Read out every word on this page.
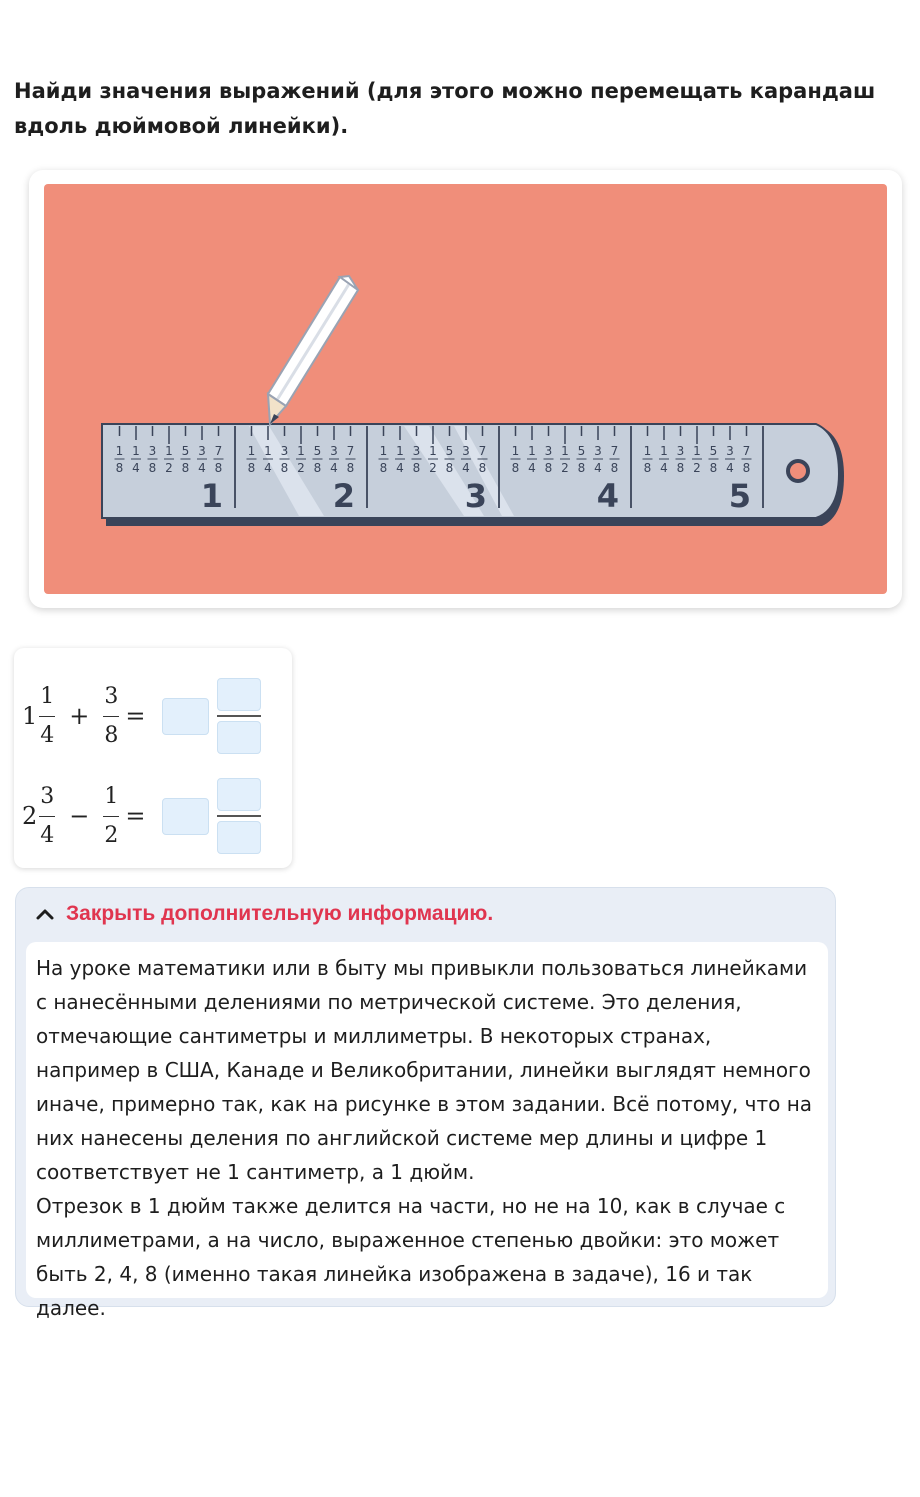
Найди значения выражений (для этого можно перемещать карандаш вдоль дюймовой линейки).
1
8
1
4
3
8
1
2
5
8
3
4
7
8
1
1
8
1
4
3
8
1
2
5
8
3
4
7
8
2
1
8
1
4
3
8
1
2
5
8
3
4
7
8
3
1
8
1
4
3
8
1
2
5
8
3
4
7
8
4
1
8
1
4
3
8
1
2
5
8
3
4
7
8
5
$1 \frac{1}{4} + \frac{3}{8}$ =
$2 \frac{3}{4} - \frac{1}{2}$ =
Закрыть дополнительную информацию.

На уроке математики или в быту мы привыкли пользоваться линейками с нанесёнными делениями по метрической системе. Это деления, отмечающие сантиметры и миллиметры. В некоторых странах, например в США, Канаде и Великобритании, линейки выглядят немного иначе, примерно так, как на рисунке в этом задании. Всё потому, что на них нанесены деления по английской системе мер длины и цифре 1 соответствует не 1 сантиметр, а 1 дюйм.

Отрезок в 1 дюйм также делится на части, но не на 10, как в случае с миллиметрами, а на число, выраженное степенью двойки: это может быть 2, 4, 8 (именно такая линейка изображена в задаче), 16 и так далее.
